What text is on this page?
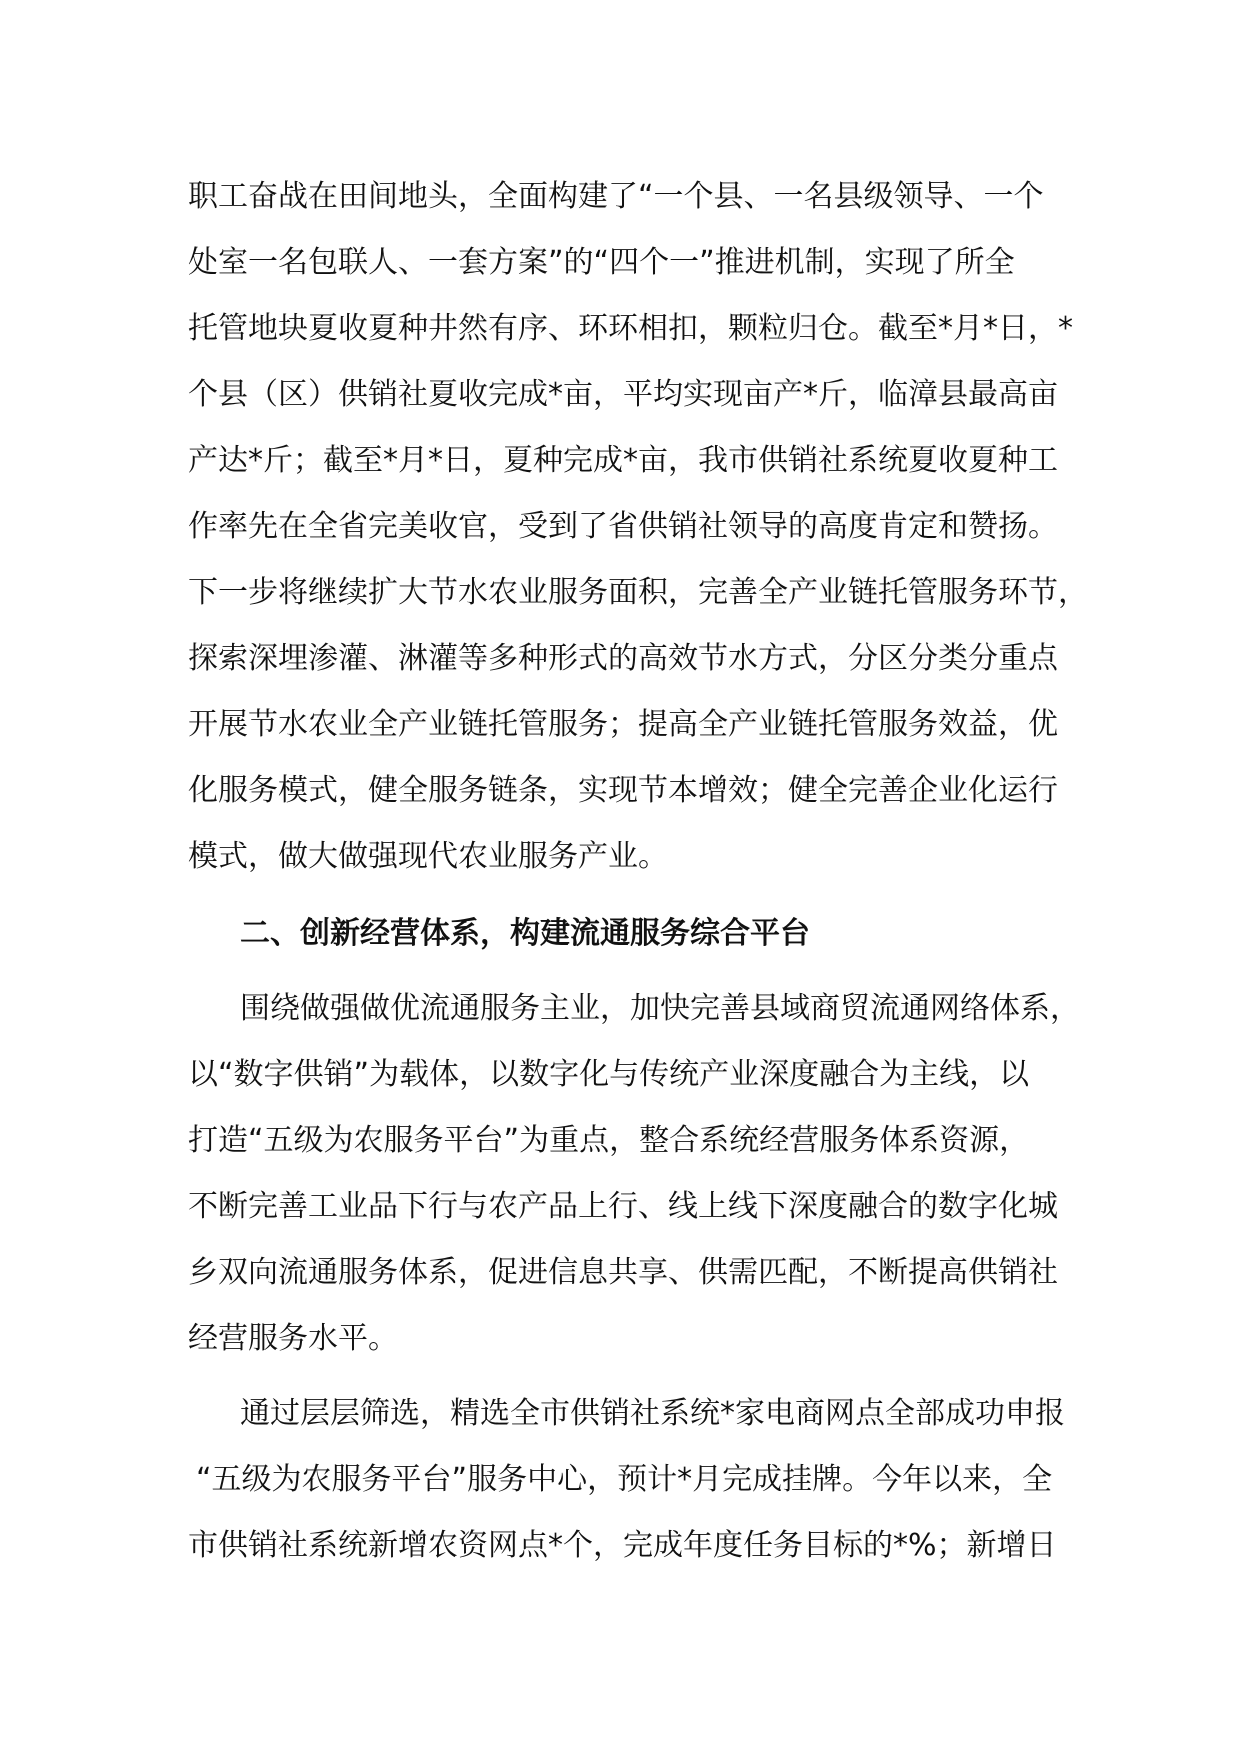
职工奋战在田间地头，全面构建了“一个县、一名县级领导、一个
处室一名包联人、一套方案”的“四个一”推进机制，实现了所全
托管地块夏收夏种井然有序、环环相扣，颗粒归仓。截至*月*日，*
个县（区）供销社夏收完成*亩，平均实现亩产*斤，临漳县最高亩
产达*斤；截至*月*日，夏种完成*亩，我市供销社系统夏收夏种工
作率先在全省完美收官，受到了省供销社领导的高度肯定和赞扬。
下一步将继续扩大节水农业服务面积，完善全产业链托管服务环节，
探索深埋渗灌、淋灌等多种形式的高效节水方式，分区分类分重点
开展节水农业全产业链托管服务；提高全产业链托管服务效益，优
化服务模式，健全服务链条，实现节本增效；健全完善企业化运行
模式，做大做强现代农业服务产业。
二、创新经营体系，构建流通服务综合平台
围绕做强做优流通服务主业，加快完善县域商贸流通网络体系，
以“数字供销”为载体，以数字化与传统产业深度融合为主线，以
打造“五级为农服务平台”为重点，整合系统经营服务体系资源，
不断完善工业品下行与农产品上行、线上线下深度融合的数字化城
乡双向流通服务体系，促进信息共享、供需匹配，不断提高供销社
经营服务水平。
通过层层筛选，精选全市供销社系统*家电商网点全部成功申报
“五级为农服务平台”服务中心，预计*月完成挂牌。今年以来，全
市供销社系统新增农资网点*个，完成年度任务目标的*%；新增日
